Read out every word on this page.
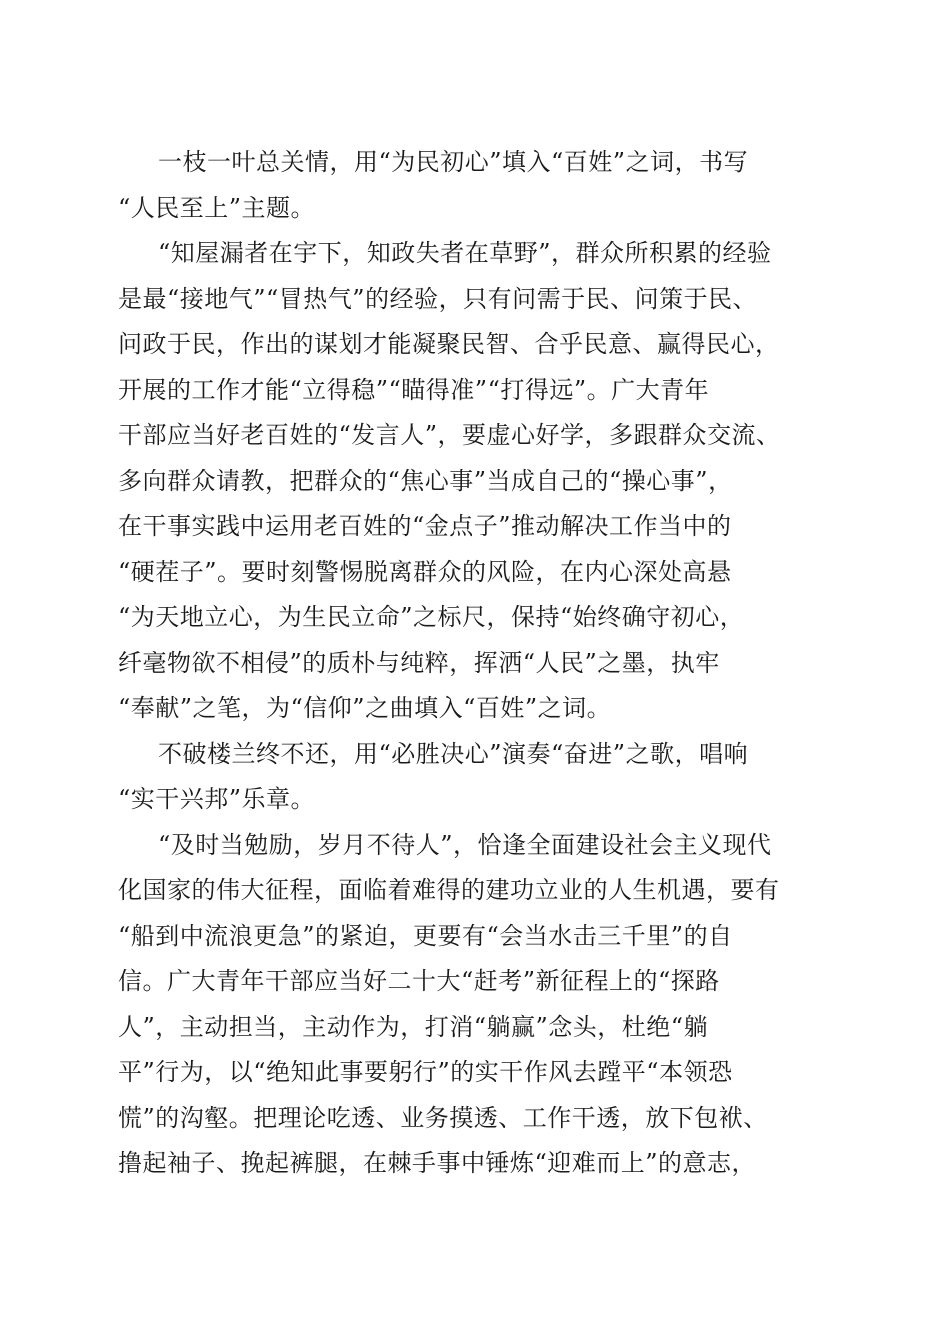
一枝一叶总关情，用“为民初心”填入“百姓”之词，书写
“人民至上”主题。
“知屋漏者在宇下，知政失者在草野”，群众所积累的经验
是最“接地气”“冒热气”的经验，只有问需于民、问策于民、
问政于民，作出的谋划才能凝聚民智、合乎民意、赢得民心，
开展的工作才能“立得稳”“瞄得准”“打得远”。广大青年
干部应当好老百姓的“发言人”，要虚心好学，多跟群众交流、
多向群众请教，把群众的“焦心事”当成自己的“操心事”，
在干事实践中运用老百姓的“金点子”推动解决工作当中的
“硬茬子”。要时刻警惕脱离群众的风险，在内心深处高悬
“为天地立心，为生民立命”之标尺，保持“始终确守初心，
纤毫物欲不相侵”的质朴与纯粹，挥洒“人民”之墨，执牢
“奉献”之笔，为“信仰”之曲填入“百姓”之词。
不破楼兰终不还，用“必胜决心”演奏“奋进”之歌，唱响
“实干兴邦”乐章。
“及时当勉励，岁月不待人”，恰逢全面建设社会主义现代
化国家的伟大征程，面临着难得的建功立业的人生机遇，要有
“船到中流浪更急”的紧迫，更要有“会当水击三千里”的自
信。广大青年干部应当好二十大“赶考”新征程上的“探路
人”，主动担当，主动作为，打消“躺赢”念头，杜绝“躺
平”行为，以“绝知此事要躬行”的实干作风去蹚平“本领恐
慌”的沟壑。把理论吃透、业务摸透、工作干透，放下包袱、
撸起袖子、挽起裤腿，在棘手事中锤炼“迎难而上”的意志，
